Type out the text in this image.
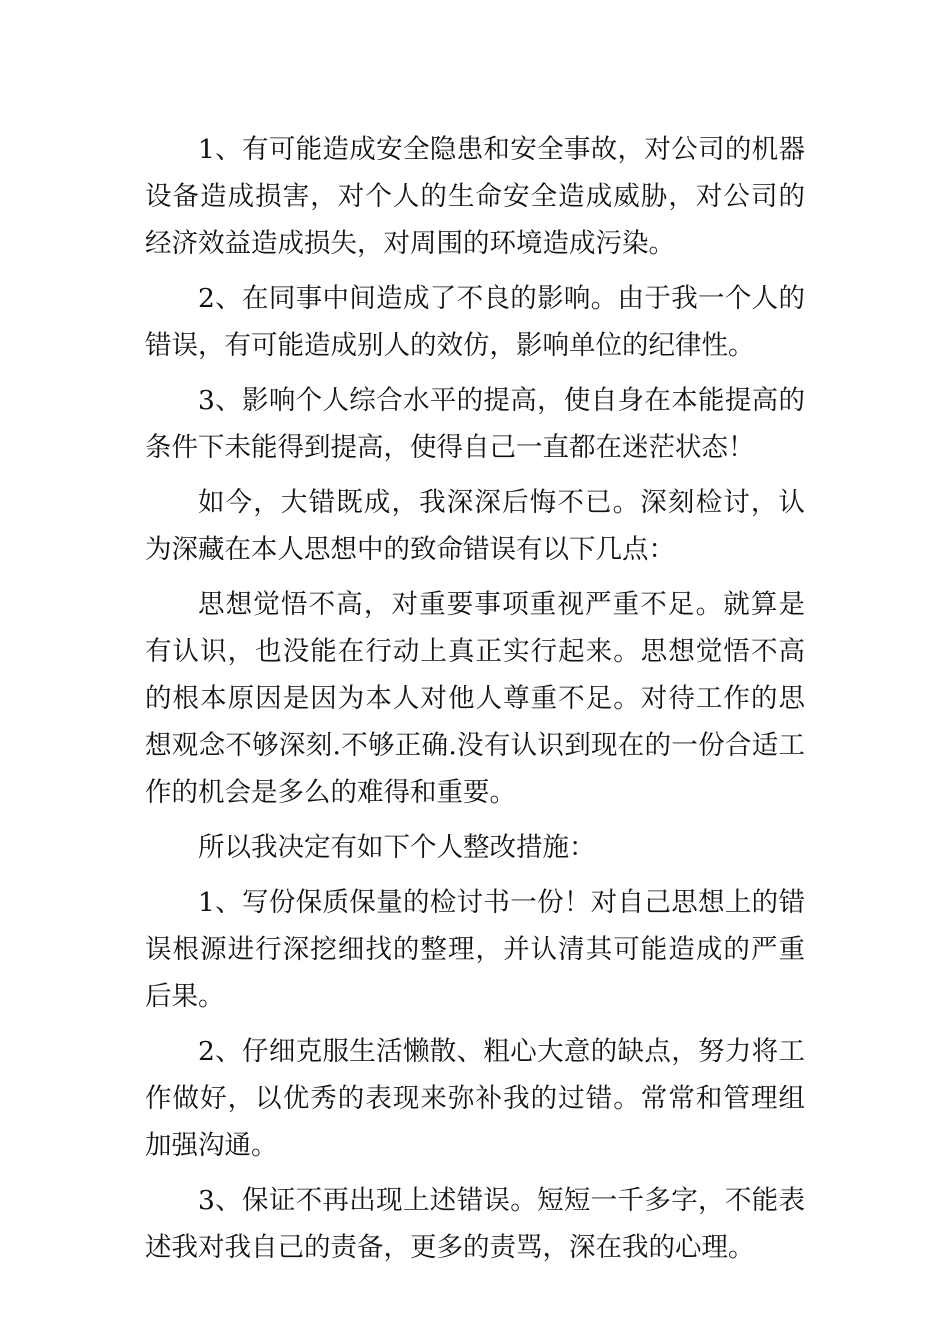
1、有可能造成安全隐患和安全事故，对公司的机器设备造成损害，对个人的生命安全造成威胁，对公司的经济效益造成损失，对周围的环境造成污染。

2、在同事中间造成了不良的影响。由于我一个人的错误，有可能造成别人的效仿，影响单位的纪律性。

3、影响个人综合水平的提高，使自身在本能提高的条件下未能得到提高，使得自己一直都在迷茫状态！

如今，大错既成，我深深后悔不已。深刻检讨，认为深藏在本人思想中的致命错误有以下几点：

思想觉悟不高，对重要事项重视严重不足。就算是有认识，也没能在行动上真正实行起来。思想觉悟不高的根本原因是因为本人对他人尊重不足。对待工作的思想观念不够深刻.不够正确.没有认识到现在的一份合适工作的机会是多么的难得和重要。

所以我决定有如下个人整改措施：

1、写份保质保量的检讨书一份！对自己思想上的错误根源进行深挖细找的整理，并认清其可能造成的严重后果。

2、仔细克服生活懒散、粗心大意的缺点，努力将工作做好，以优秀的表现来弥补我的过错。常常和管理组加强沟通。

3、保证不再出现上述错误。短短一千多字，不能表述我对我自己的责备，更多的责骂，深在我的心理。
